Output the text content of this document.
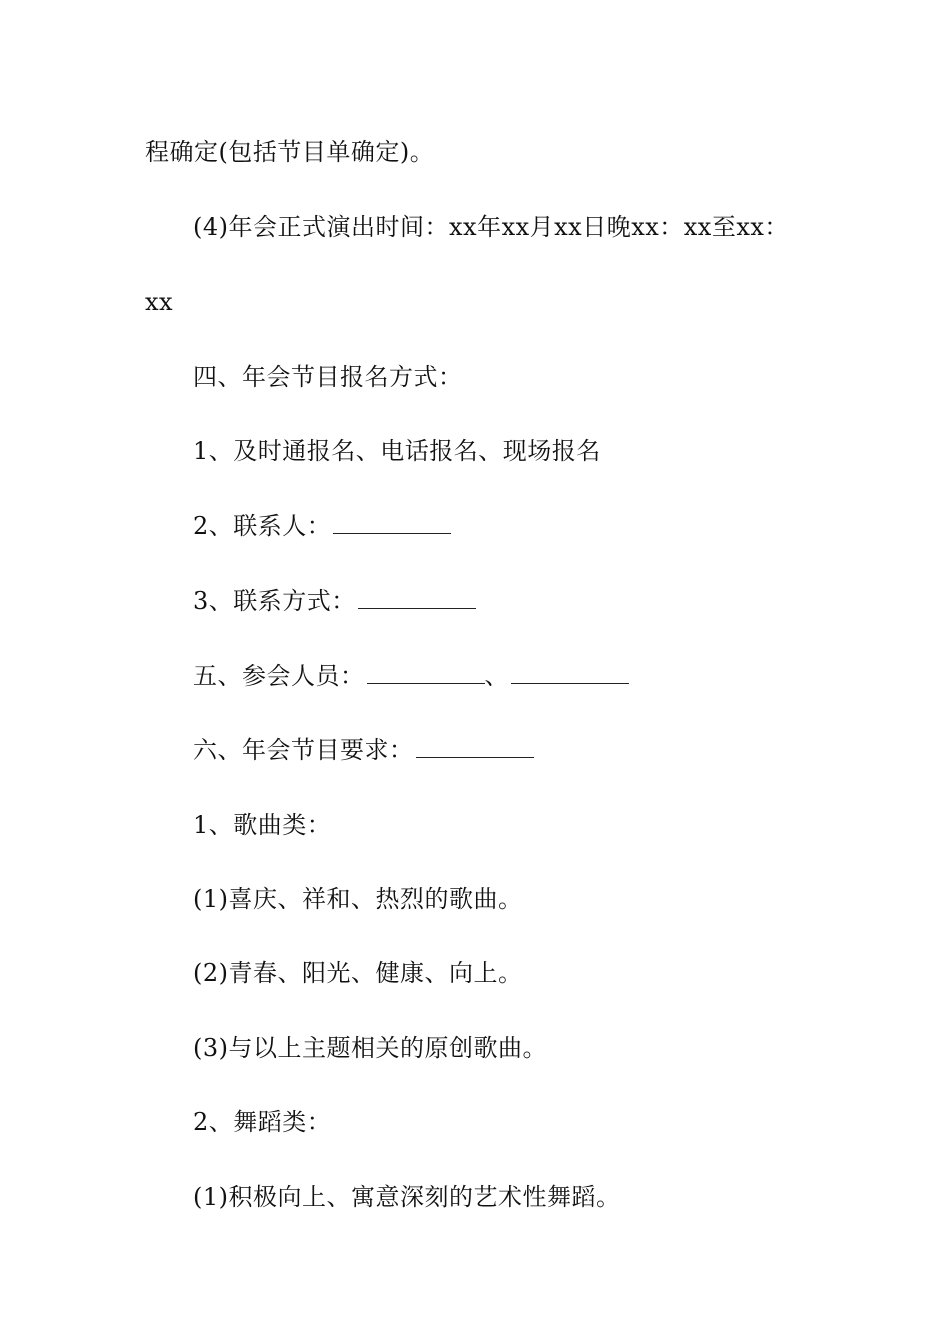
程确定(包括节目单确定)。
(4)年会正式演出时间：xx年xx月xx日晚xx：xx至xx：
xx
四、年会节目报名方式：
1、及时通报名、电话报名、现场报名
2、联系人：
3、联系方式：
五、参会人员：	、
六、年会节目要求：
1、歌曲类：
(1)喜庆、祥和、热烈的歌曲。
(2)青春、阳光、健康、向上。
(3)与以上主题相关的原创歌曲。
2、舞蹈类：
(1)积极向上、寓意深刻的艺术性舞蹈。
